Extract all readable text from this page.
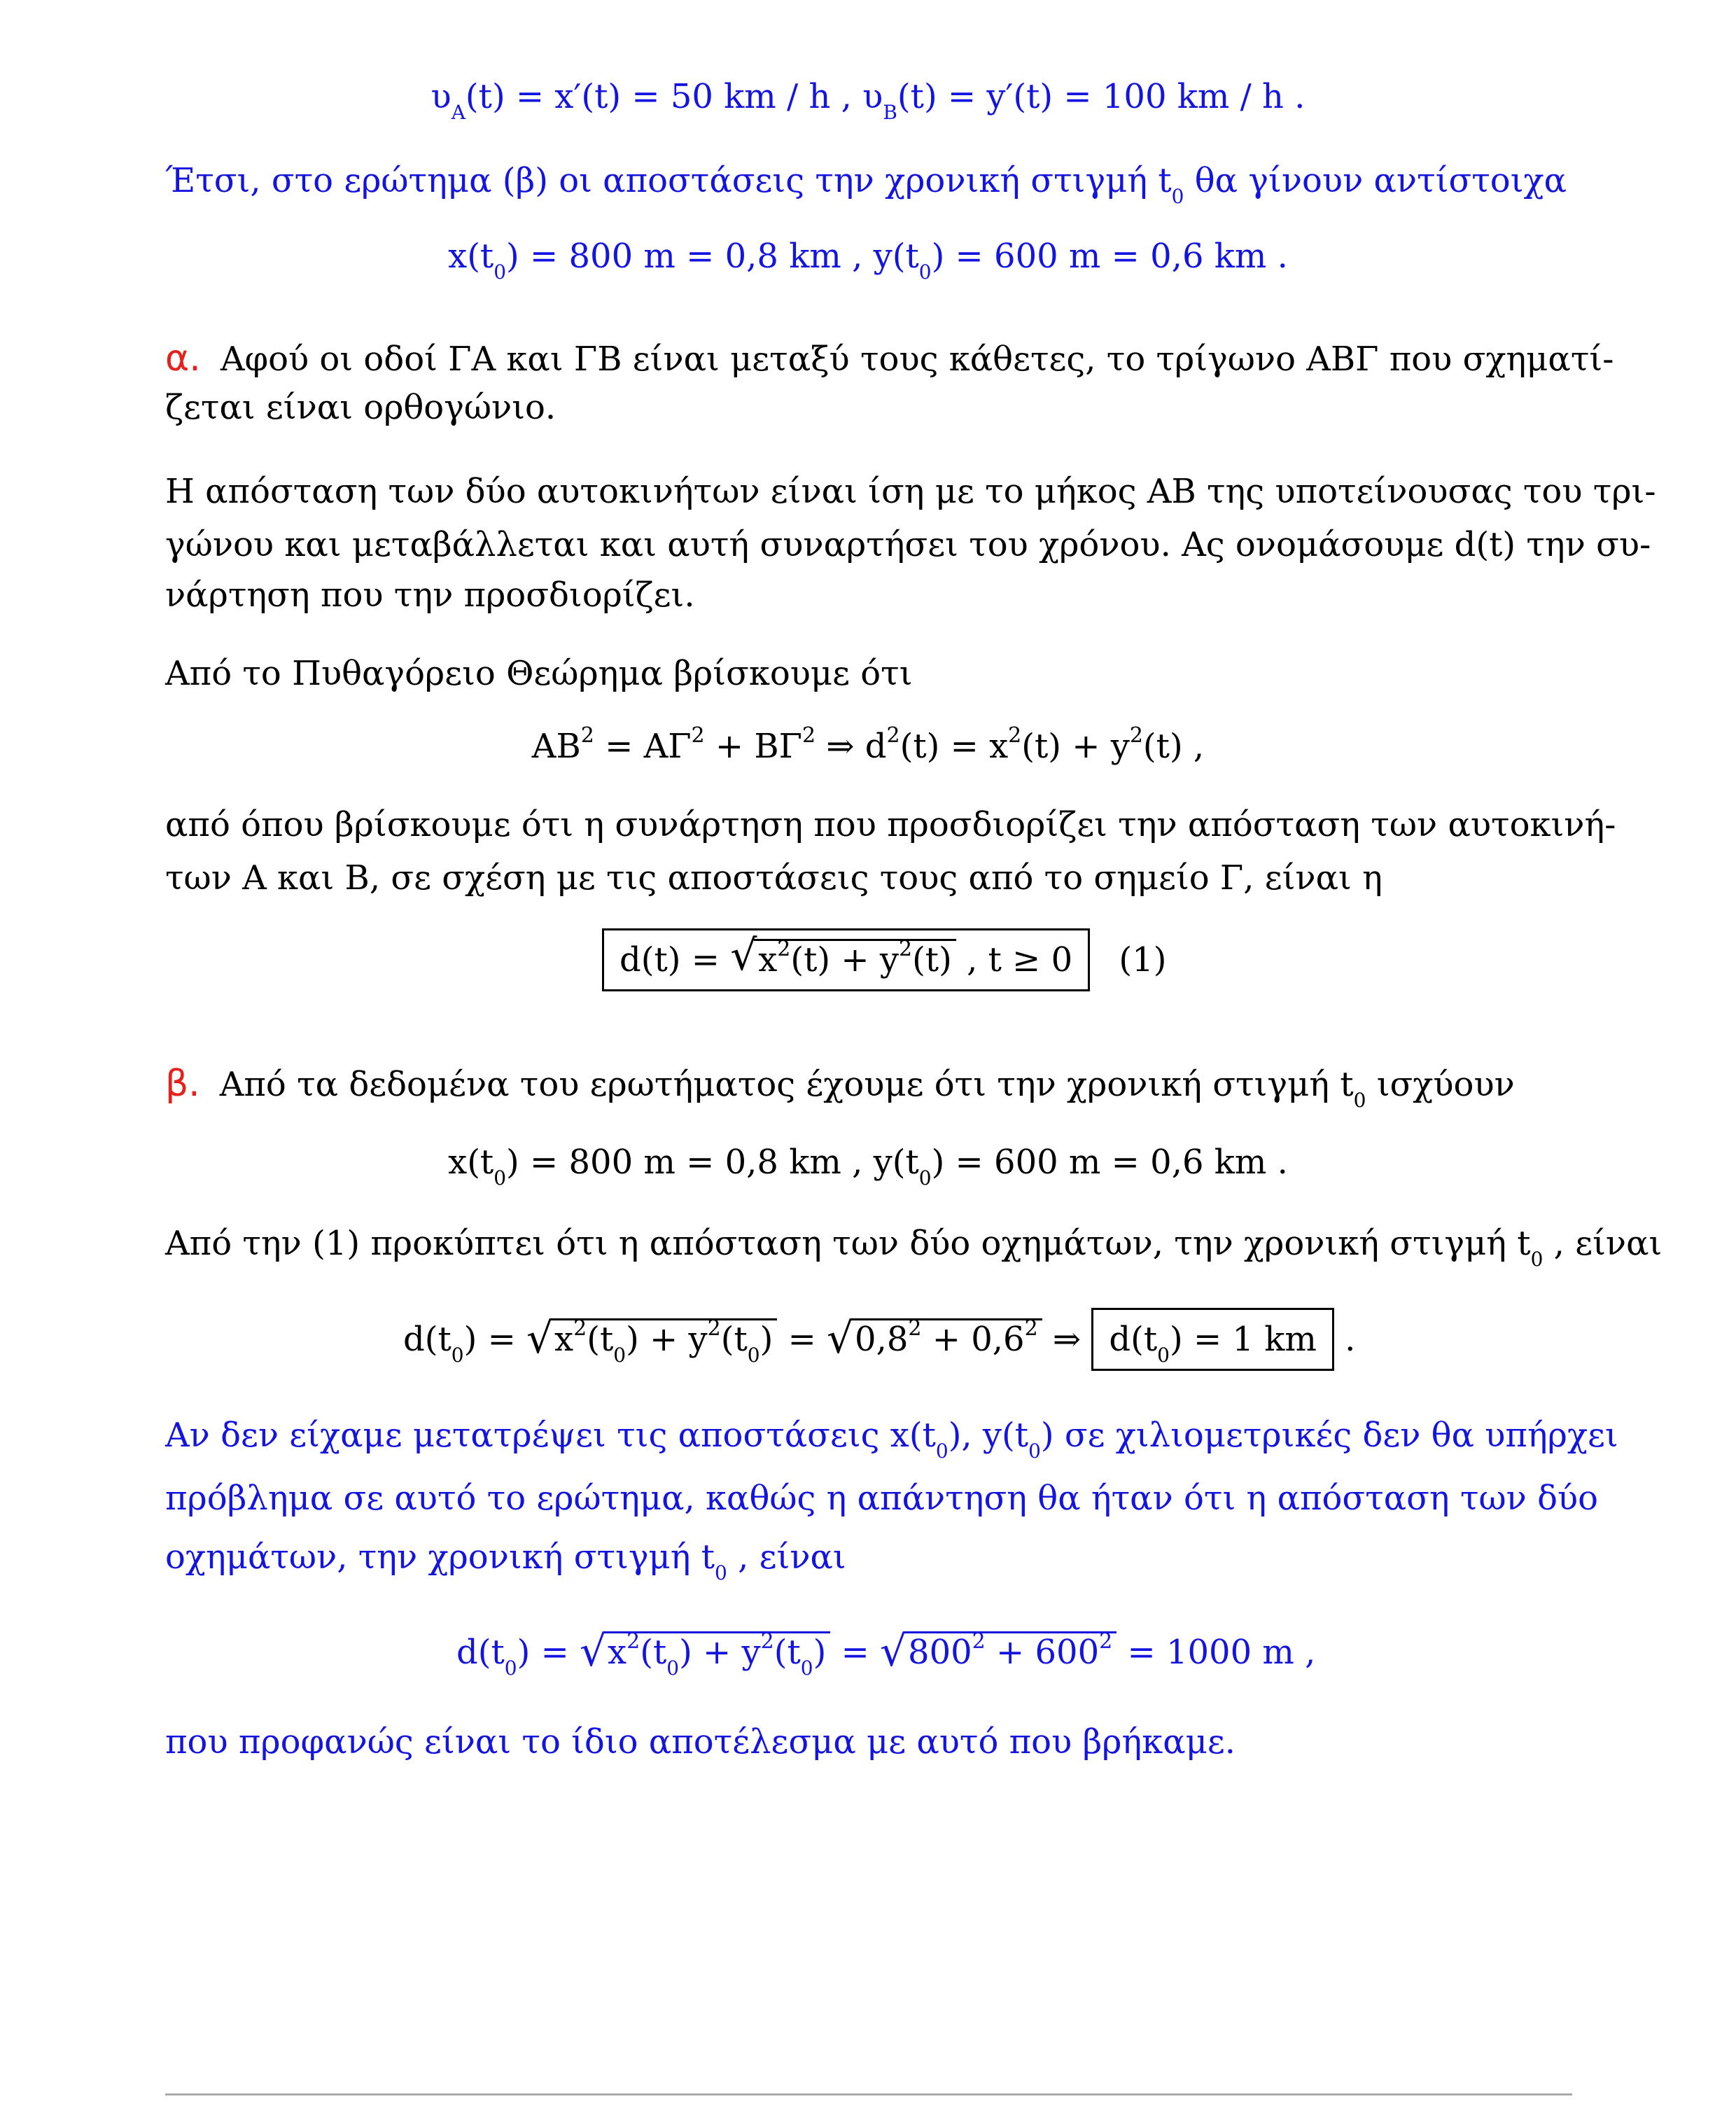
$\upsilon_A(t) = x'(t) = 50$ km / h , $\upsilon_B(t) = y'(t) = 100$ km / h .
Έτσι, στο ερώτημα (β) οι αποστάσεις την χρονική στιγμή $t_0$ θα γίνουν αντίστοιχα
$x(t_0) = 800$ m = 0,8 km , $y(t_0) = 600$ m = 0,6 km .
α. Αφού οι οδοί ΓΑ και ΓΒ είναι μεταξύ τους κάθετες, το τρίγωνο ΑΒΓ που σχηματί-
ζεται είναι ορθογώνιο.
Η απόσταση των δύο αυτοκινήτων είναι ίση με το μήκος ΑΒ της υποτείνουσας του τρι-
γώνου και μεταβάλλεται και αυτή συναρτήσει του χρόνου. Ας ονομάσουμε d(t) την συ-
νάρτηση που την προσδιορίζει.
Από το Πυθαγόρειο Θεώρημα βρίσκουμε ότι
$AB^2 = A\Gamma^2 + B\Gamma^2$ ⇒ $d^2(t) = x^2(t) + y^2(t)$ ,
από όπου βρίσκουμε ότι η συνάρτηση που προσδιορίζει την απόσταση των αυτοκινή-
των Α και Β, σε σχέση με τις αποστάσεις τους από το σημείο Γ, είναι η
d(t) = √ $x^2(t) + y^2(t)$ , t ≥ 0 (1)
β. Από τα δεδομένα του ερωτήματος έχουμε ότι την χρονική στιγμή $t_0$ ισχύουν
$x(t_0) = 800$ m = 0,8 km , $y(t_0) = 600$ m = 0,6 km .
Από την (1) προκύπτει ότι η απόσταση των δύο οχημάτων, την χρονική στιγμή $t_0$ , είναι
$d(t_0)$ = √ $x^2(t_0) + y^2(t_0)$ = √ $0,8^2 + 0,6^2$ ⇒ $d(t_0) = 1$ km .
Αν δεν είχαμε μετατρέψει τις αποστάσεις $x(t_0)$, $y(t_0)$ σε χιλιομετρικές δεν θα υπήρχει
πρόβλημα σε αυτό το ερώτημα, καθώς η απάντηση θα ήταν ότι η απόσταση των δύο
οχημάτων, την χρονική στιγμή $t_0$ , είναι
$d(t_0)$ = √ $x^2(t_0) + y^2(t_0)$ = √ $800^2 + 600^2 = 1000$ m ,
που προφανώς είναι το ίδιο αποτέλεσμα με αυτό που βρήκαμε.
